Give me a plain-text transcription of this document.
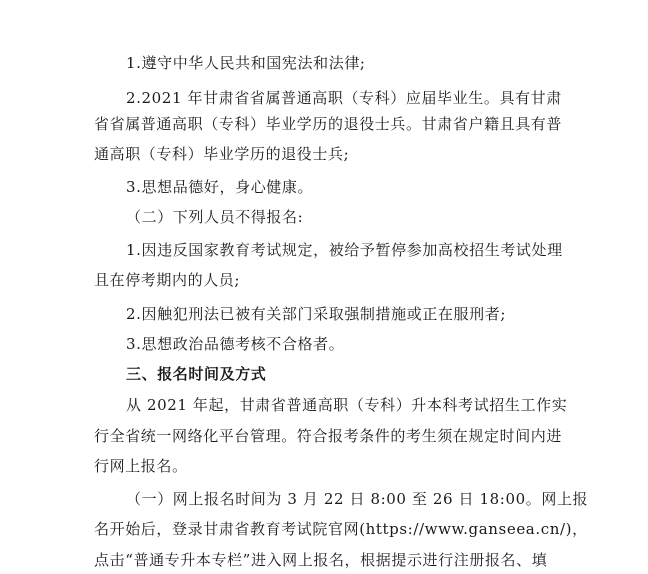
1.遵守中华人民共和国宪法和法律;
2.2021 年甘肃省省属普通高职（专科）应届毕业生。具有甘肃
省省属普通高职（专科）毕业学历的退役士兵。甘肃省户籍且具有普
通高职（专科）毕业学历的退役士兵;
3.思想品德好，身心健康。
（二）下列人员不得报名:
1.因违反国家教育考试规定，被给予暂停参加高校招生考试处理
且在停考期内的人员;
2.因触犯刑法已被有关部门采取强制措施或正在服刑者;
3.思想政治品德考核不合格者。
三、报名时间及方式
从 2021 年起，甘肃省普通高职（专科）升本科考试招生工作实
行全省统一网络化平台管理。符合报考条件的考生须在规定时间内进
行网上报名。
（一）网上报名时间为 3 月 22 日 8:00 至 26 日 18:00。网上报
名开始后，登录甘肃省教育考试院官网(https://www.ganseea.cn/)，
点击“普通专升本专栏”进入网上报名，根据提示进行注册报名、填
